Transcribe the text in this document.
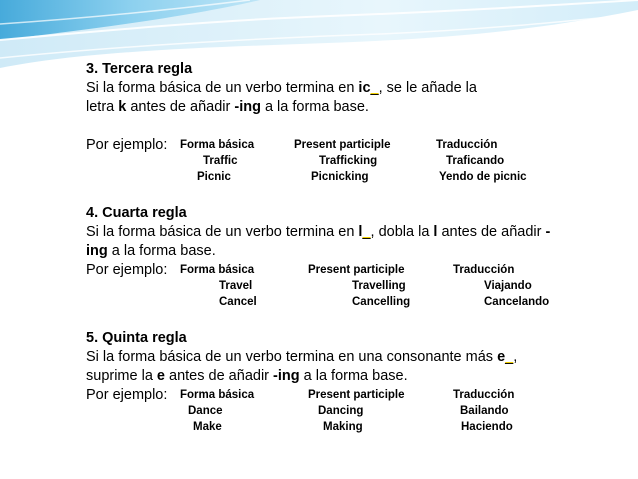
3. Tercera regla
Si la forma básica de un verbo termina en ic_, se le añade la
letra k antes de añadir -ing a la forma base.
Por ejemplo: Forma básica	Present participle	Traducción
Traffic	Trafficking	Traficando
Picnic	Picnicking	Yendo de picnic
4. Cuarta regla
Si la forma básica de un verbo termina en l_, dobla la l antes de añadir -
ing a la forma base.
Por ejemplo: Forma básica	Present participle	Traducción
Travel	Travelling	Viajando
Cancel	Cancelling	Cancelando
5. Quinta regla
Si la forma básica de un verbo termina en una consonante más e_,
suprime la e antes de añadir -ing a la forma base.
Por ejemplo: Forma básica	Present participle	Traducción
Dance	Dancing	Bailando
Make	Making	Haciendo
